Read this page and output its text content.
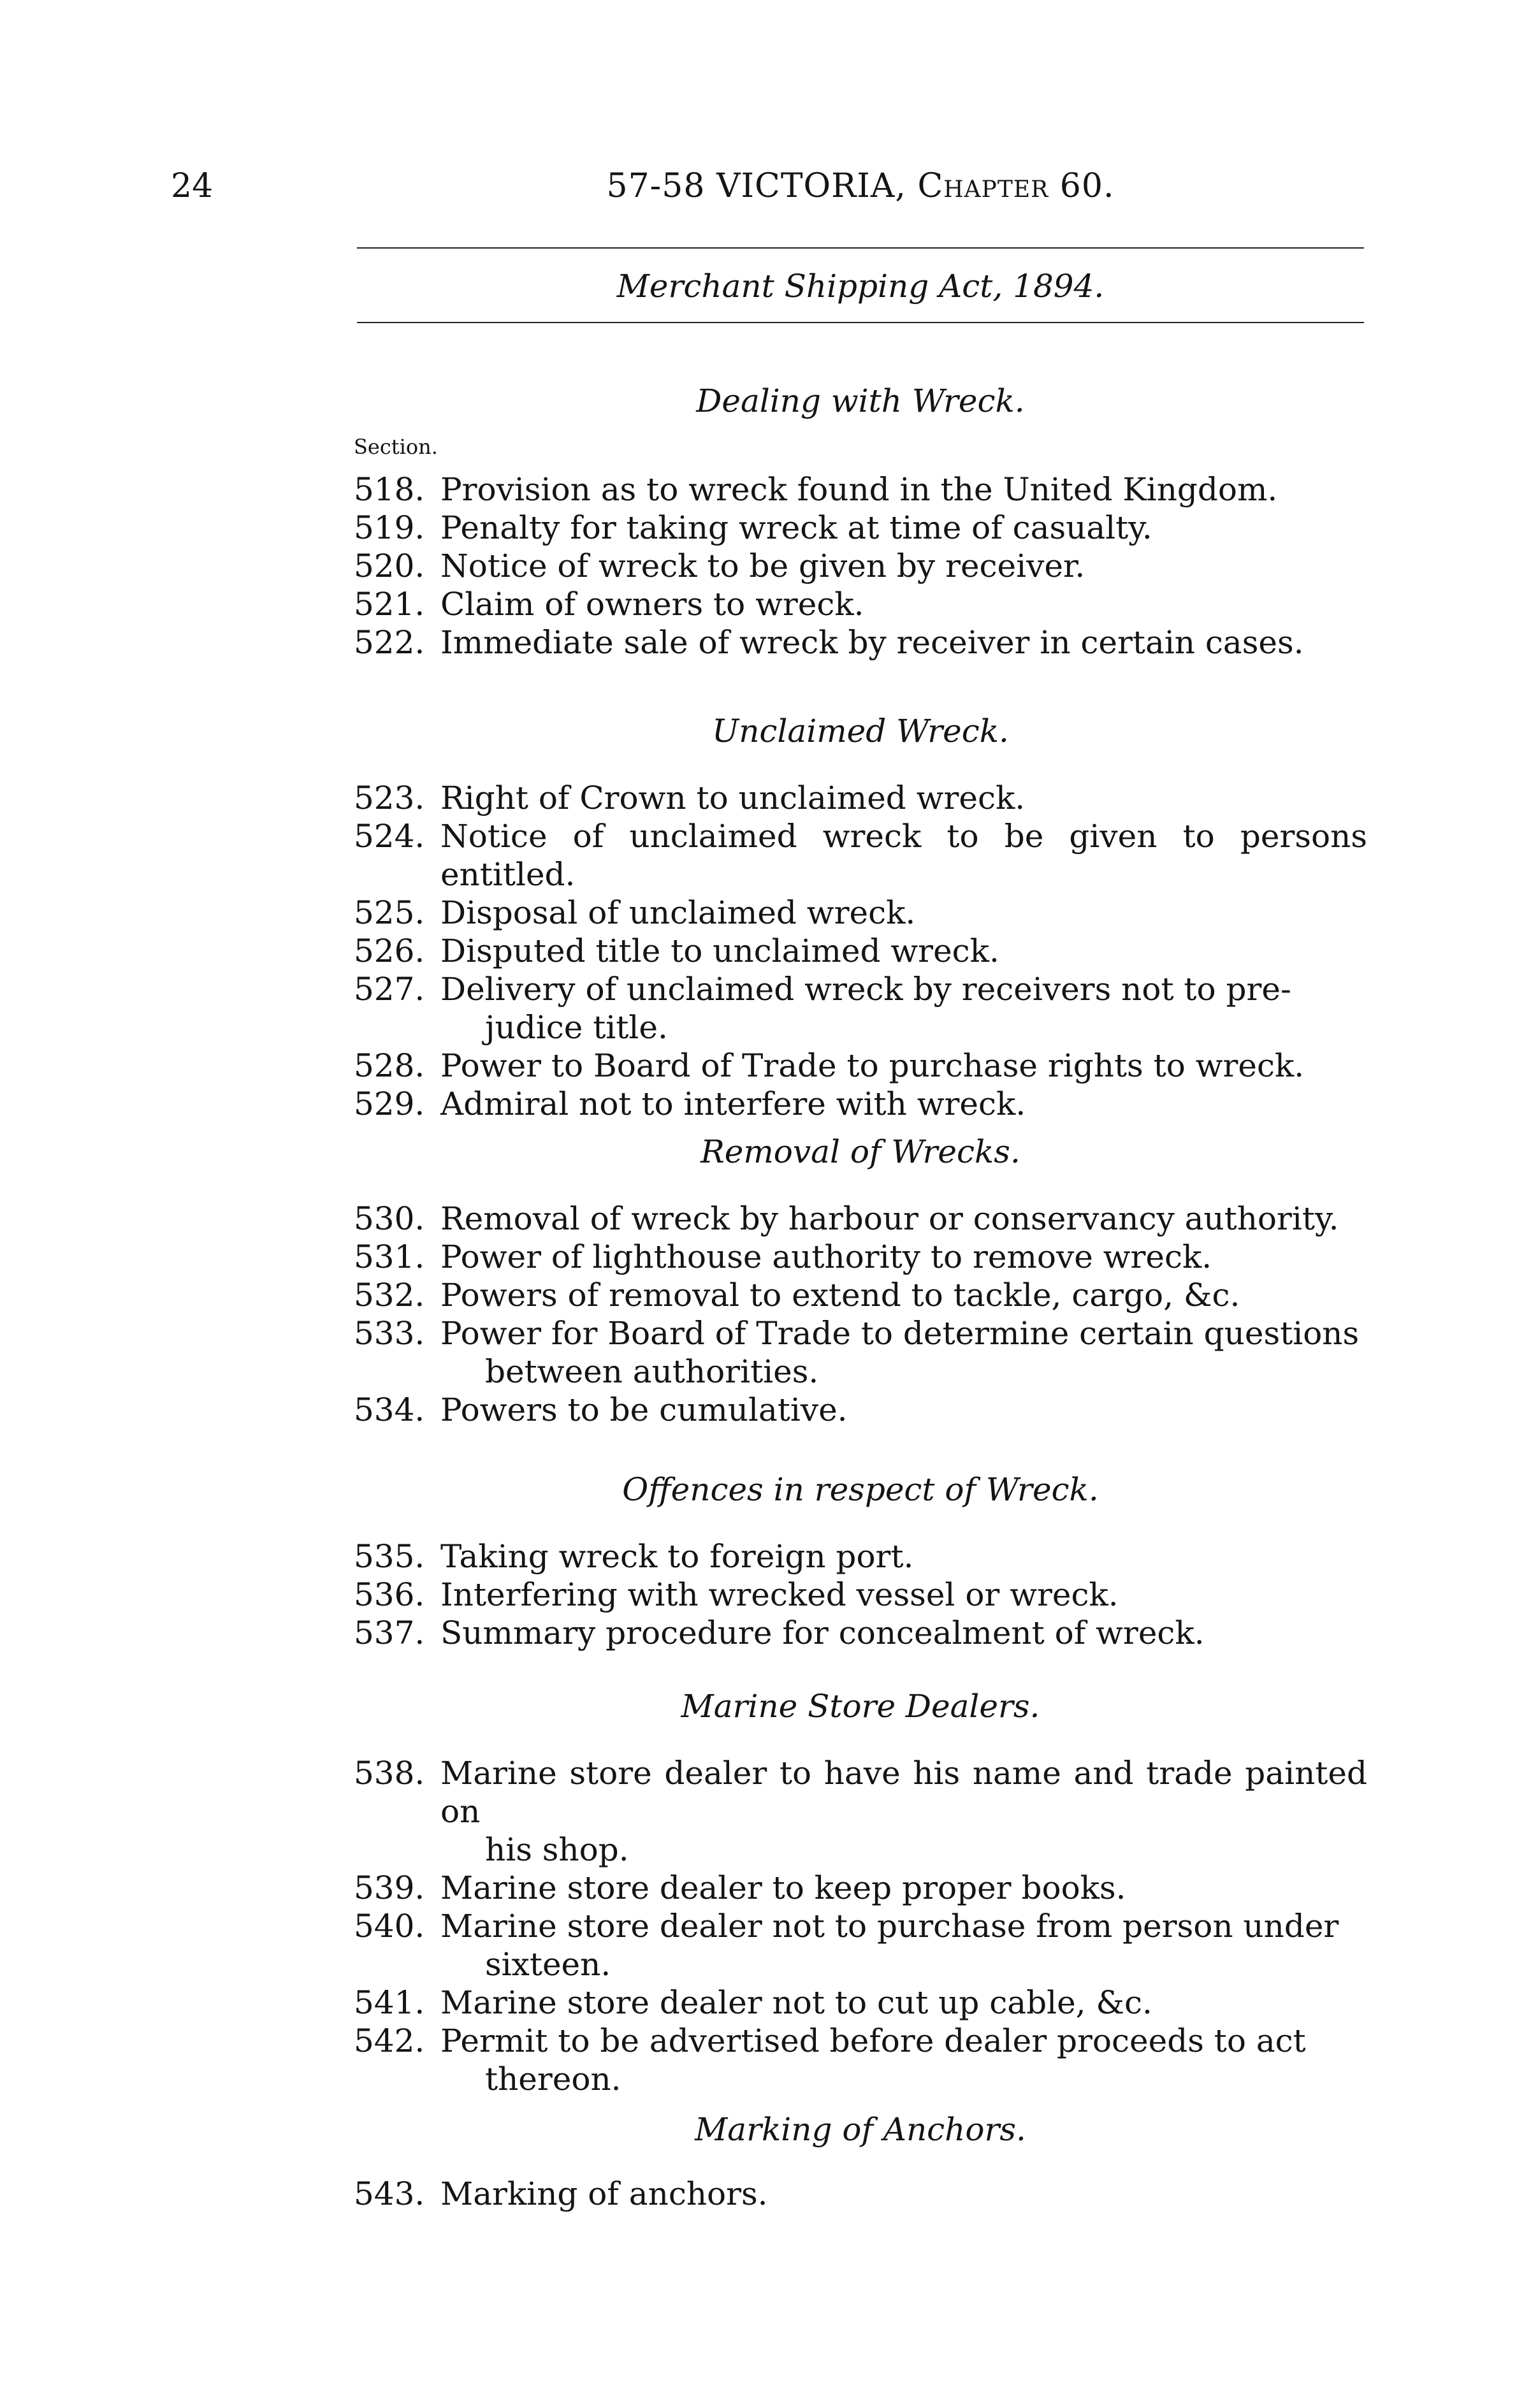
24	57-58 VICTORIA, Chapter 60.
Merchant Shipping Act, 1894.
Dealing with Wreck.
Section.
518. Provision as to wreck found in the United Kingdom.
519. Penalty for taking wreck at time of casualty.
520. Notice of wreck to be given by receiver.
521. Claim of owners to wreck.
522. Immediate sale of wreck by receiver in certain cases.
Unclaimed Wreck.
523. Right of Crown to unclaimed wreck.
524. Notice of unclaimed wreck to be given to persons entitled.
525. Disposal of unclaimed wreck.
526. Disputed title to unclaimed wreck.
527. Delivery of unclaimed wreck by receivers not to pre-
judice title.
528. Power to Board of Trade to purchase rights to wreck.
529. Admiral not to interfere with wreck.
Removal of Wrecks.
530. Removal of wreck by harbour or conservancy authority.
531. Power of lighthouse authority to remove wreck.
532. Powers of removal to extend to tackle, cargo, &c.
533. Power for Board of Trade to determine certain questions
between authorities.
534. Powers to be cumulative.
Offences in respect of Wreck.
535. Taking wreck to foreign port.
536. Interfering with wrecked vessel or wreck.
537. Summary procedure for concealment of wreck.
Marine Store Dealers.
538. Marine store dealer to have his name and trade painted on
his shop.
539. Marine store dealer to keep proper books.
540. Marine store dealer not to purchase from person under
sixteen.
541. Marine store dealer not to cut up cable, &c.
542. Permit to be advertised before dealer proceeds to act
thereon.
Marking of Anchors.
543. Marking of anchors.
